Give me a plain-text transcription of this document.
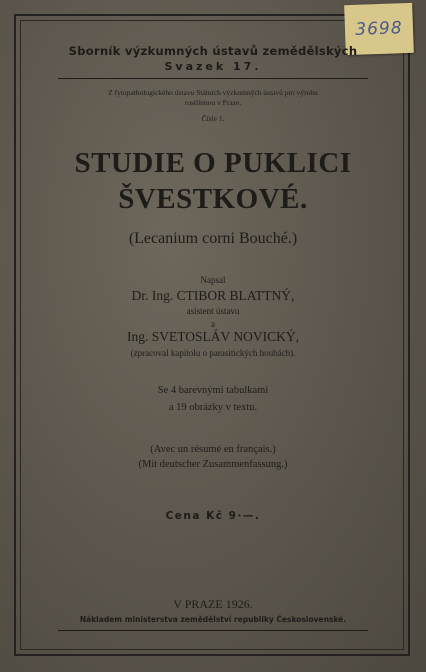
3698
Sborník výzkumných ústavů zemědělských
Svazek 17.
Z fytopathologického ústavu Státních výzkumných ústavů pro výrobu
rostlinnou v Praze.
Čísle 1.
STUDIE O PUKLICI
ŠVESTKOVÉ.
(Lecanium corni Bouché.)
Napsal
Dr. Ing. CTIBOR BLATTNÝ,
asistent ústavu
a
Ing. SVETOSLÁV NOVICKÝ,
(zpracoval kapitolu o parasitických houbách).
Se 4 barevnými tabulkami
a 19 obrázky v textu.
(Avec un résumé en français.)
(Mit deutscher Zusammenfassung.)
Cena Kč 9·—.
V PRAZE 1926.
Nákladem ministerstva zemědělství republiky Československé.
